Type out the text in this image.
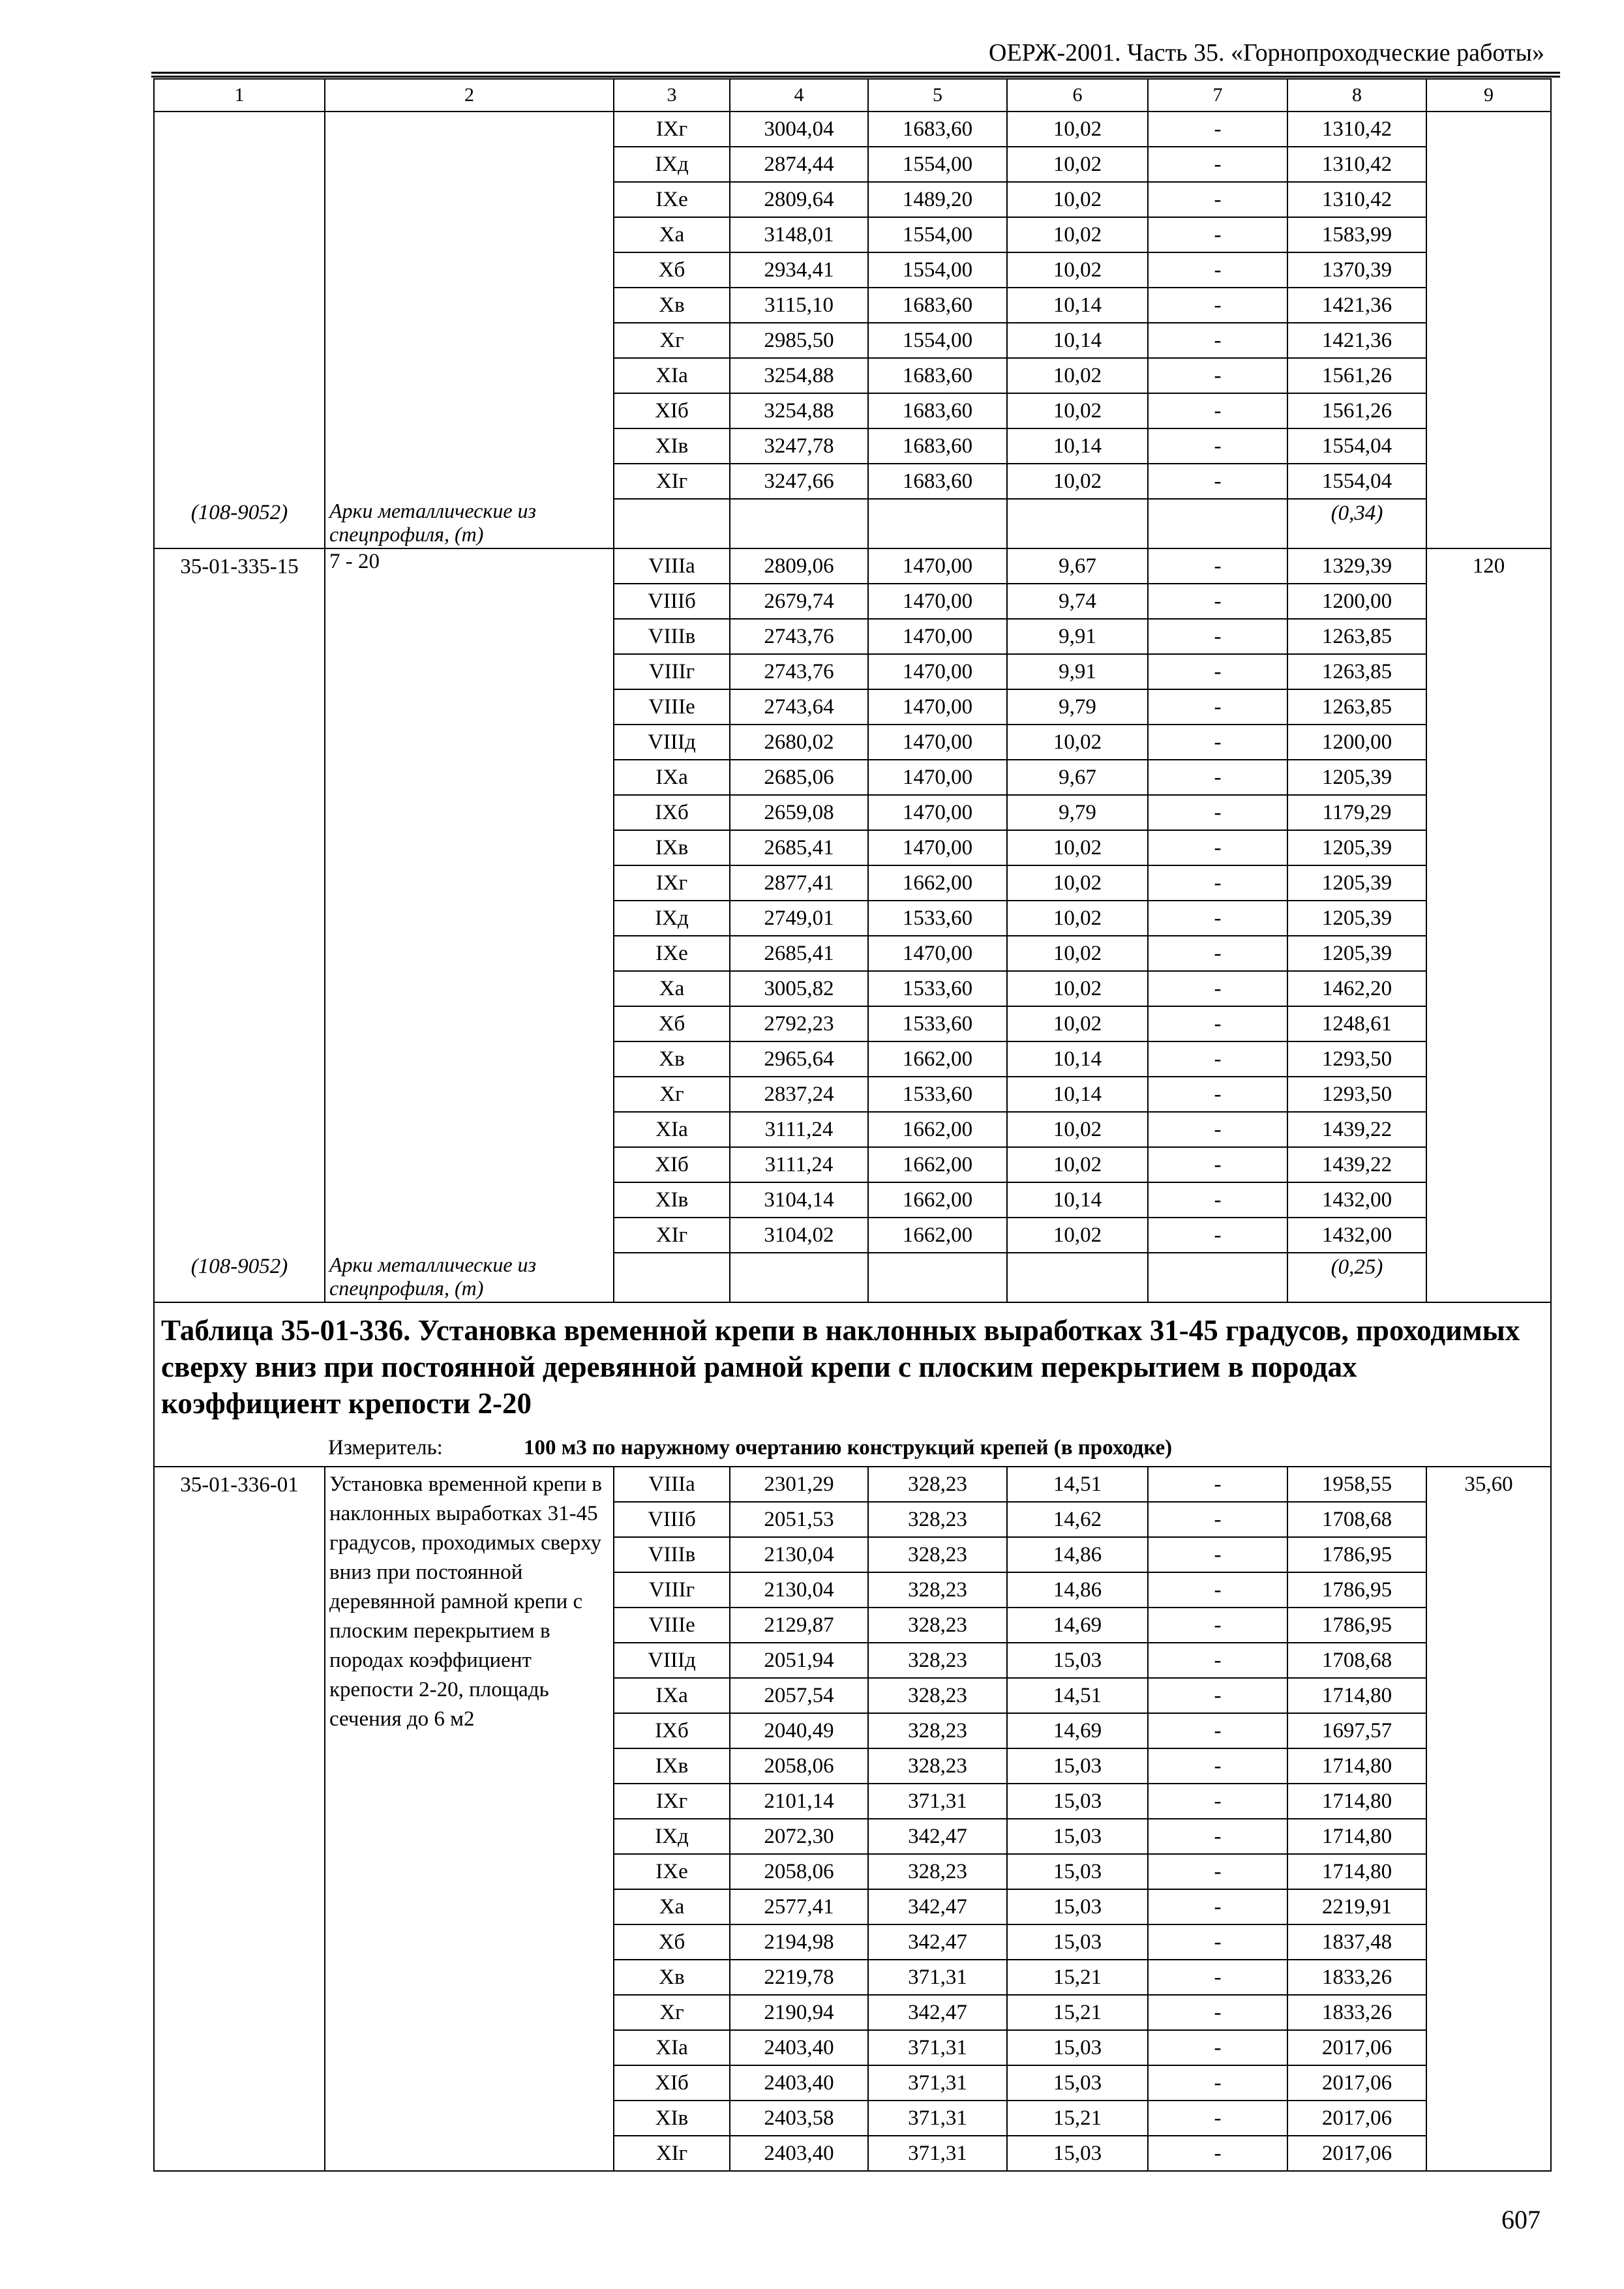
ОЕРЖ-2001. Часть 35. «Горнопроходческие работы»
1	2	3	4	5	6	7	8	9
		IXг	3004,04	1683,60	10,02	-	1310,42	
		IXд	2874,44	1554,00	10,02	-	1310,42	
		IXе	2809,64	1489,20	10,02	-	1310,42	
		Xа	3148,01	1554,00	10,02	-	1583,99	
		Xб	2934,41	1554,00	10,02	-	1370,39	
		Xв	3115,10	1683,60	10,14	-	1421,36	
		Xг	2985,50	1554,00	10,14	-	1421,36	
		XIа	3254,88	1683,60	10,02	-	1561,26	
		XIб	3254,88	1683,60	10,02	-	1561,26	
		XIв	3247,78	1683,60	10,14	-	1554,04	
		XIг	3247,66	1683,60	10,02	-	1554,04	
(108-9052)	Арки металлические из спецпрофиля, (т)						(0,34)	
35-01-335-15	7 - 20	VIIIа	2809,06	1470,00	9,67	-	1329,39	120
		VIIIб	2679,74	1470,00	9,74	-	1200,00	
		VIIIв	2743,76	1470,00	9,91	-	1263,85	
		VIIIг	2743,76	1470,00	9,91	-	1263,85	
		VIIIе	2743,64	1470,00	9,79	-	1263,85	
		VIIIд	2680,02	1470,00	10,02	-	1200,00	
		IXа	2685,06	1470,00	9,67	-	1205,39	
		IXб	2659,08	1470,00	9,79	-	1179,29	
		IXв	2685,41	1470,00	10,02	-	1205,39	
		IXг	2877,41	1662,00	10,02	-	1205,39	
		IXд	2749,01	1533,60	10,02	-	1205,39	
		IXе	2685,41	1470,00	10,02	-	1205,39	
		Xа	3005,82	1533,60	10,02	-	1462,20	
		Xб	2792,23	1533,60	10,02	-	1248,61	
		Xв	2965,64	1662,00	10,14	-	1293,50	
		Xг	2837,24	1533,60	10,14	-	1293,50	
		XIа	3111,24	1662,00	10,02	-	1439,22	
		XIб	3111,24	1662,00	10,02	-	1439,22	
		XIв	3104,14	1662,00	10,14	-	1432,00	
		XIг	3104,02	1662,00	10,02	-	1432,00	
(108-9052)	Арки металлические из спецпрофиля, (т)						(0,25)	

Таблица 35-01-336. Установка временной крепи в наклонных выработках 31-45 градусов, проходимых сверху вниз при постоянной деревянной рамной крепи с плоским перекрытием в породах коэффициент крепости 2-20
Измеритель: 100 м3 по наружному очертанию конструкций крепей (в проходке)								

35-01-336-01	Установка временной крепи в наклонных выработках 31-45 градусов, проходимых сверху вниз при постоянной деревянной рамной крепи с плоским перекрытием в породах коэффициент крепости 2-20, площадь сечения до 6 м2	VIIIа	2301,29	328,23	14,51	-	1958,55	35,60
		VIIIб	2051,53	328,23	14,62	-	1708,68	
		VIIIв	2130,04	328,23	14,86	-	1786,95	
		VIIIг	2130,04	328,23	14,86	-	1786,95	
		VIIIе	2129,87	328,23	14,69	-	1786,95	
		VIIIд	2051,94	328,23	15,03	-	1708,68	
		IXа	2057,54	328,23	14,51	-	1714,80	
		IXб	2040,49	328,23	14,69	-	1697,57	
		IXв	2058,06	328,23	15,03	-	1714,80	
		IXг	2101,14	371,31	15,03	-	1714,80	
		IXд	2072,30	342,47	15,03	-	1714,80	
		IXе	2058,06	328,23	15,03	-	1714,80	
		Xа	2577,41	342,47	15,03	-	2219,91	
		Xб	2194,98	342,47	15,03	-	1837,48	
		Xв	2219,78	371,31	15,21	-	1833,26	
		Xг	2190,94	342,47	15,21	-	1833,26	
		XIа	2403,40	371,31	15,03	-	2017,06	
		XIб	2403,40	371,31	15,03	-	2017,06	
		XIв	2403,58	371,31	15,21	-	2017,06	
		XIг	2403,40	371,31	15,03	-	2017,06	
607
